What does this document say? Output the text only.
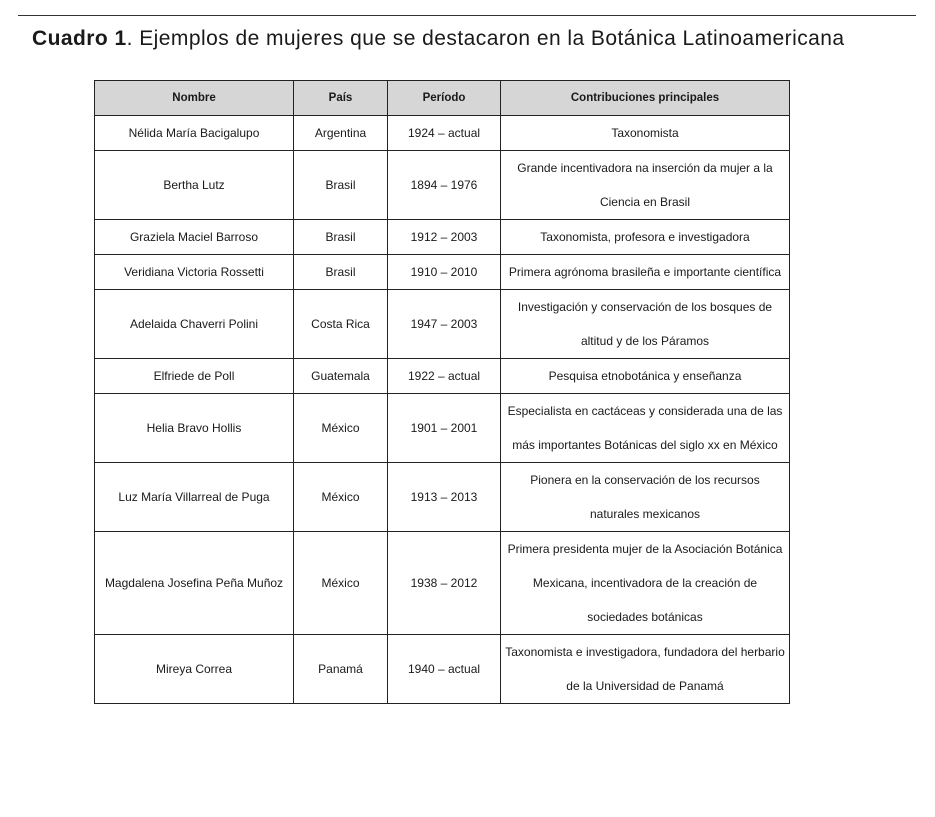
Cuadro 1. Ejemplos de mujeres que se destacaron en la Botánica Latinoamericana
Nombre	País	Período	Contribuciones principales
Nélida María Bacigalupo	Argentina	1924 – actual	Taxonomista
Bertha Lutz	Brasil	1894 – 1976	Grande incentivadora na inserción da mujer a la Ciencia en Brasil
Graziela Maciel Barroso	Brasil	1912 – 2003	Taxonomista, profesora e investigadora
Veridiana Victoria Rossetti	Brasil	1910 – 2010	Primera agrónoma brasileña e importante científica
Adelaida Chaverri Polini	Costa Rica	1947 – 2003	Investigación y conservación de los bosques de altitud y de los Páramos
Elfriede de Poll	Guatemala	1922 – actual	Pesquisa etnobotánica y enseñanza
Helia Bravo Hollis	México	1901 – 2001	Especialista en cactáceas y considerada una de las más importantes Botánicas del siglo xx en México
Luz María Villarreal de Puga	México	1913 – 2013	Pionera en la conservación de los recursos naturales mexicanos
Magdalena Josefina Peña Muñoz	México	1938 – 2012	Primera presidenta mujer de la Asociación Botánica Mexicana, incentivadora de la creación de sociedades botánicas
Mireya Correa	Panamá	1940 – actual	Taxonomista e investigadora, fundadora del herbario de la Universidad de Panamá
